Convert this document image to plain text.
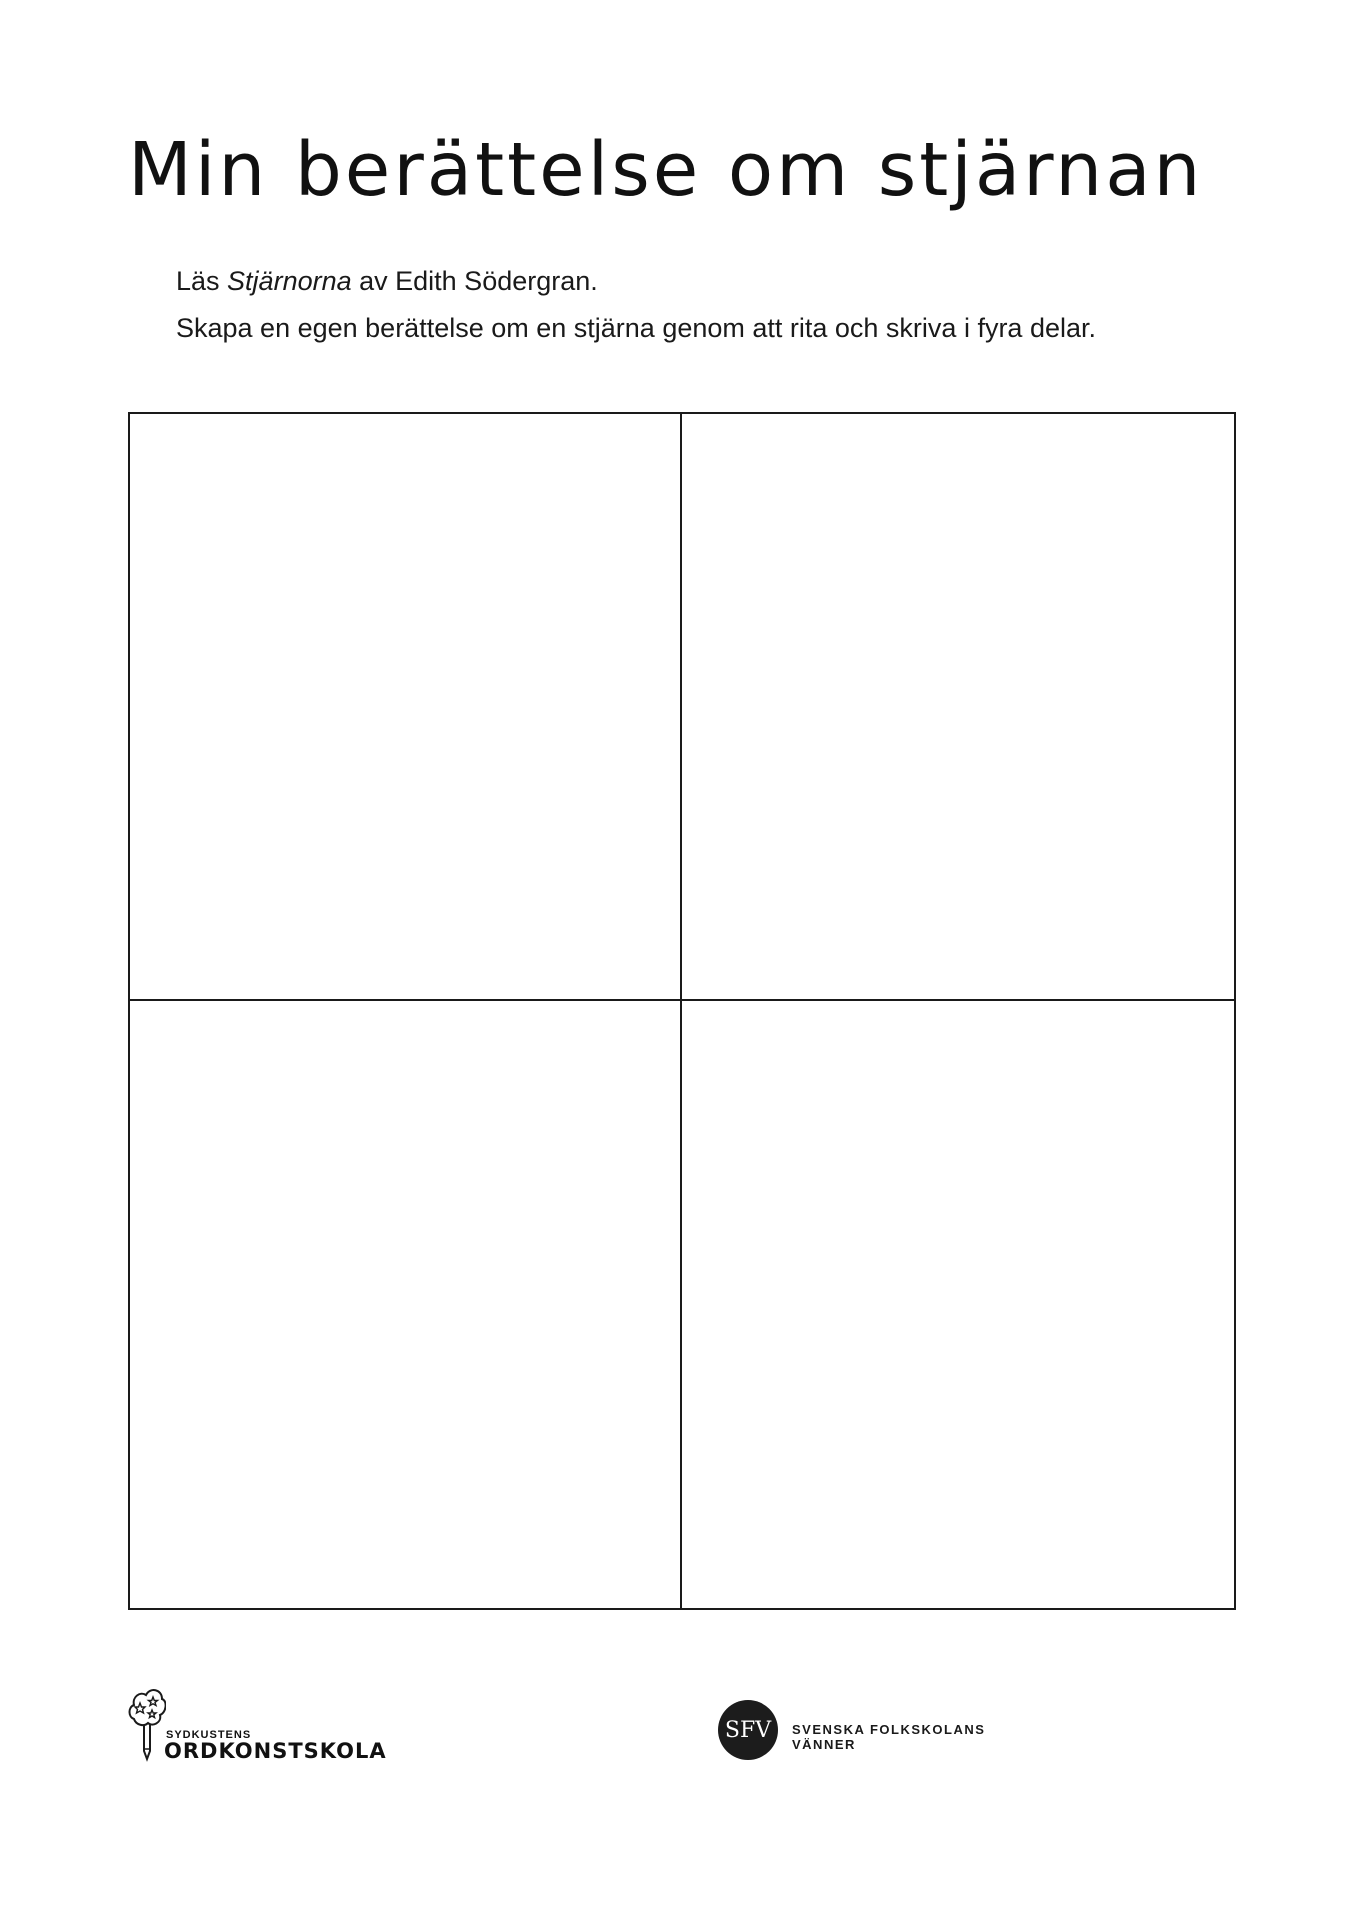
Min berättelse om stjärnan

Läs Stjärnorna av Edith Södergran.

Skapa en egen berättelse om en stjärna genom att rita och skriva i fyra delar.

SYDKUSTENS
ORDKONSTSKOLA
SFV	SVENSKA FOLKSKOLANS VÄNNER
